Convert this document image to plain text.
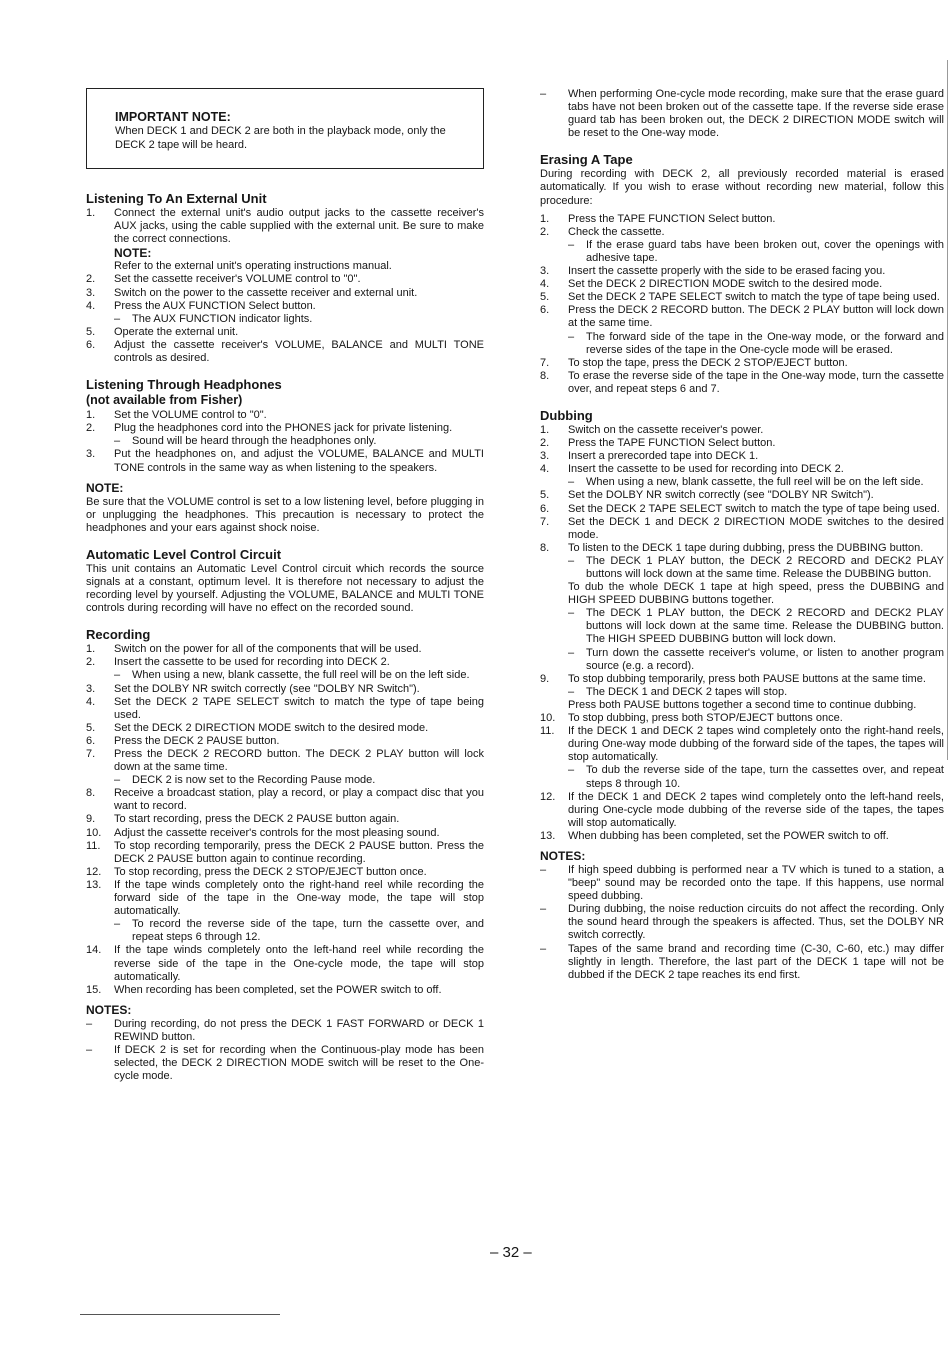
IMPORTANT NOTE:
When DECK 1 and DECK 2 are both in the playback mode, only the DECK 2 tape will be heard.
Listening To An External Unit
1.	Connect the external unit's audio output jacks to the cassette receiver's AUX jacks, using the cable supplied with the external unit. Be sure to make the correct connections.
NOTE:
Refer to the external unit's operating instructions manual.
2.	Set the cassette receiver's VOLUME control to "0".
3.	Switch on the power to the cassette receiver and external unit.
4.	Press the AUX FUNCTION Select button.
–	The AUX FUNCTION indicator lights.
5.	Operate the external unit.
6.	Adjust the cassette receiver's VOLUME, BALANCE and MULTI TONE controls as desired.
Listening Through Headphones
(not available from Fisher)
1.	Set the VOLUME control to "0".
2.	Plug the headphones cord into the PHONES jack for private listening.
–	Sound will be heard through the headphones only.
3.	Put the headphones on, and adjust the VOLUME, BALANCE and MULTI TONE controls in the same way as when listening to the speakers.
NOTE:

Be sure that the VOLUME control is set to a low listening level, before plugging in or unplugging the headphones. This precaution is necessary to protect the headphones and your ears against shock noise.

Automatic Level Control Circuit

This unit contains an Automatic Level Control circuit which records the source signals at a constant, optimum level. It is therefore not necessary to adjust the recording level by yourself. Adjusting the VOLUME, BALANCE and MULTI TONE controls during recording will have no effect on the recorded sound.

Recording
1.	Switch on the power for all of the components that will be used.
2.	Insert the cassette to be used for recording into DECK 2.
–	When using a new, blank cassette, the full reel will be on the left side.
3.	Set the DOLBY NR switch correctly (see "DOLBY NR Switch").
4.	Set the DECK 2 TAPE SELECT switch to match the type of tape being used.
5.	Set the DECK 2 DIRECTION MODE switch to the desired mode.
6.	Press the DECK 2 PAUSE button.
7.	Press the DECK 2 RECORD button. The DECK 2 PLAY button will lock down at the same time.
–	DECK 2 is now set to the Recording Pause mode.
8.	Receive a broadcast station, play a record, or play a compact disc that you want to record.
9.	To start recording, press the DECK 2 PAUSE button again.
10.	Adjust the cassette receiver's controls for the most pleasing sound.
11.	To stop recording temporarily, press the DECK 2 PAUSE button. Press the DECK 2 PAUSE button again to continue recording.
12.	To stop recording, press the DECK 2 STOP/EJECT button once.
13.	If the tape winds completely onto the right-hand reel while recording the forward side of the tape in the One-way mode, the tape will stop automatically.
–	To record the reverse side of the tape, turn the cassette over, and repeat steps 6 through 12.
14.	If the tape winds completely onto the left-hand reel while recording the reverse side of the tape in the One-cycle mode, the tape will stop automatically.
15.	When recording has been completed, set the POWER switch to off.
NOTES:
–	During recording, do not press the DECK 1 FAST FORWARD or DECK 1 REWIND button.
–	If DECK 2 is set for recording when the Continuous-play mode has been selected, the DECK 2 DIRECTION MODE switch will be reset to the One-cycle mode.
–	When performing One-cycle mode recording, make sure that the erase guard tabs have not been broken out of the cassette tape. If the reverse side erase guard tab has been broken out, the DECK 2 DIRECTION MODE switch will be reset to the One-way mode.
Erasing A Tape

During recording with DECK 2, all previously recorded material is erased automatically. If you wish to erase without recording new material, follow this procedure:

1.	Press the TAPE FUNCTION Select button.
2.	Check the cassette.
–	If the erase guard tabs have been broken out, cover the openings with adhesive tape.
3.	Insert the cassette properly with the side to be erased facing you.
4.	Set the DECK 2 DIRECTION MODE switch to the desired mode.
5.	Set the DECK 2 TAPE SELECT switch to match the type of tape being used.
6.	Press the DECK 2 RECORD button. The DECK 2 PLAY button will lock down at the same time.
–	The forward side of the tape in the One-way mode, or the forward and reverse sides of the tape in the One-cycle mode will be erased.
7.	To stop the tape, press the DECK 2 STOP/EJECT button.
8.	To erase the reverse side of the tape in the One-way mode, turn the cassette over, and repeat steps 6 and 7.
Dubbing
1.	Switch on the cassette receiver's power.
2.	Press the TAPE FUNCTION Select button.
3.	Insert a prerecorded tape into DECK 1.
4.	Insert the cassette to be used for recording into DECK 2.
–	When using a new, blank cassette, the full reel will be on the left side.
5.	Set the DOLBY NR switch correctly (see "DOLBY NR Switch").
6.	Set the DECK 2 TAPE SELECT switch to match the type of tape being used.
7.	Set the DECK 1 and DECK 2 DIRECTION MODE switches to the desired mode.
8.	To listen to the DECK 1 tape during dubbing, press the DUBBING button.
–	The DECK 1 PLAY button, the DECK 2 RECORD and DECK2 PLAY buttons will lock down at the same time. Release the DUBBING button.
To dub the whole DECK 1 tape at high speed, press the DUBBING and HIGH SPEED DUBBING buttons together.
–	The DECK 1 PLAY button, the DECK 2 RECORD and DECK2 PLAY buttons will lock down at the same time. Release the DUBBING button. The HIGH SPEED DUBBING button will lock down.
–	Turn down the cassette receiver's volume, or listen to another program source (e.g. a record).
9.	To stop dubbing temporarily, press both PAUSE buttons at the same time.
–	The DECK 1 and DECK 2 tapes will stop.
Press both PAUSE buttons together a second time to continue dubbing.
10.	To stop dubbing, press both STOP/EJECT buttons once.
11.	If the DECK 1 and DECK 2 tapes wind completely onto the right-hand reels, during One-way mode dubbing of the forward side of the tapes, the tapes will stop automatically.
–	To dub the reverse side of the tape, turn the cassettes over, and repeat steps 8 through 10.
12.	If the DECK 1 and DECK 2 tapes wind completely onto the left-hand reels, during One-cycle mode dubbing of the reverse side of the tapes, the tapes will stop automatically.
13.	When dubbing has been completed, set the POWER switch to off.
NOTES:
–	If high speed dubbing is performed near a TV which is tuned to a station, a "beep" sound may be recorded onto the tape. If this happens, use normal speed dubbing.
–	During dubbing, the noise reduction circuits do not affect the recording. Only the sound heard through the speakers is affected. Thus, set the DOLBY NR switch correctly.
–	Tapes of the same brand and recording time (C-30, C-60, etc.) may differ slightly in length. Therefore, the last part of the DECK 1 tape will not be dubbed if the DECK 2 tape reaches its end first.
– 32 –
